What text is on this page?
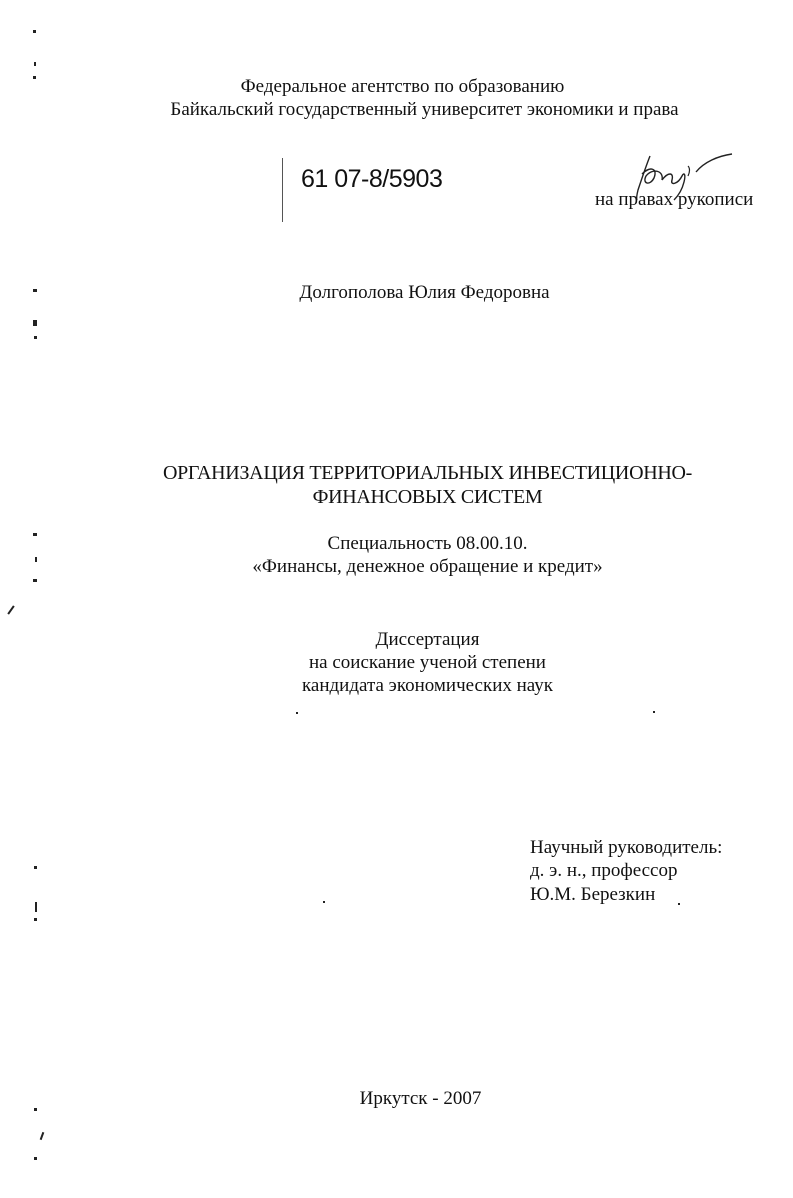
Федеральное агентство по образованию
Байкальский государственный университет экономики и права
61 07-8/5903
на правах рукописи
Долгополова Юлия Федоровна
ОРГАНИЗАЦИЯ ТЕРРИТОРИАЛЬНЫХ ИНВЕСТИЦИОННО-
ФИНАНСОВЫХ СИСТЕМ
Специальность 08.00.10.
«Финансы, денежное обращение и кредит»
Диссертация
на соискание ученой степени
кандидата экономических наук
Научный руководитель:
д. э. н., профессор
Ю.М. Березкин
Иркутск - 2007
